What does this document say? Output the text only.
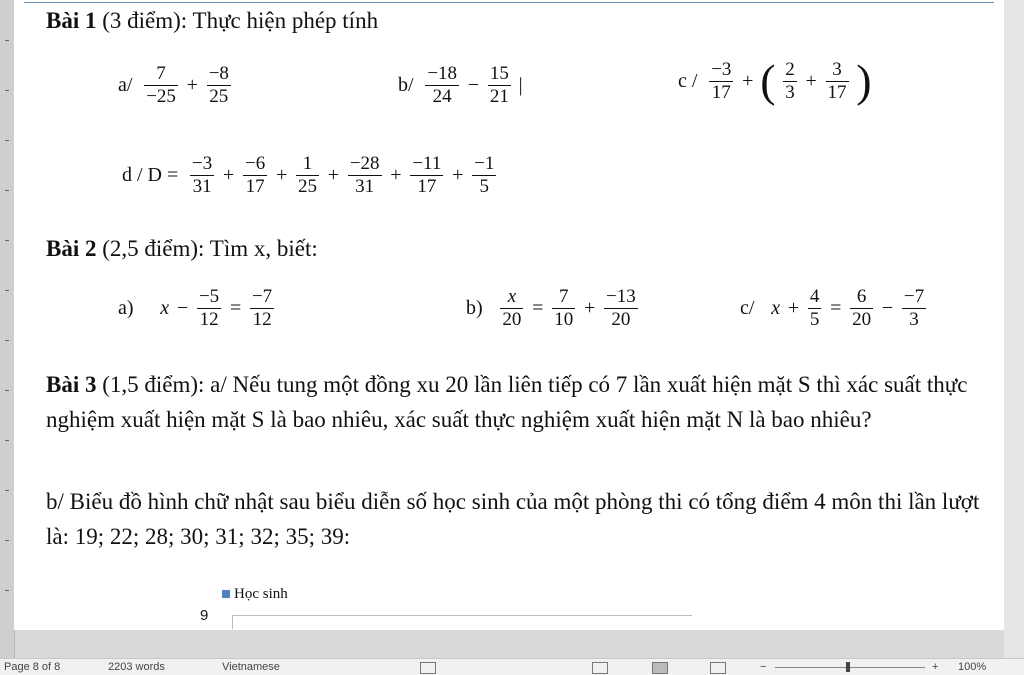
Bài 1 (3 điểm): Thực hiện phép tính
$a/ \frac{7}{-25} + \frac{-8}{25}$	$b/ \frac{-18}{24} - \frac{15}{21}$ |	c / $\frac{-3}{17}$ + ( $\frac{2}{3} + \frac{3}{17}$ )
$d / D = \frac{-3}{31} + \frac{-6}{17} + \frac{1}{25} + \frac{-28}{31} + \frac{-11}{17} + \frac{-1}{5}$
Bài 2 (2,5 điểm): Tìm x, biết:
a) $x - \frac{-5}{12} = \frac{-7}{12}$	$b) \frac{x}{20} = \frac{7}{10} + \frac{-13}{20}$	c/ $x + \frac{4}{5} = \frac{6}{20} - \frac{-7}{3}$
Bài 3 (1,5 điểm): a/ Nếu tung một đồng xu 20 lần liên tiếp có 7 lần xuất hiện mặt S thì xác suất thực nghiệm xuất hiện mặt S là bao nhiêu, xác suất thực nghiệm xuất hiện mặt N là bao nhiêu?
b/ Biểu đồ hình chữ nhật sau biểu diễn số học sinh của một phòng thi có tổng điểm 4 môn thi lần lượt là: 19; 22; 28; 30; 31; 32; 35; 39:
Học sinh
9
Page 8 of 8	2203 words	Vietnamese	−	+ 100%
